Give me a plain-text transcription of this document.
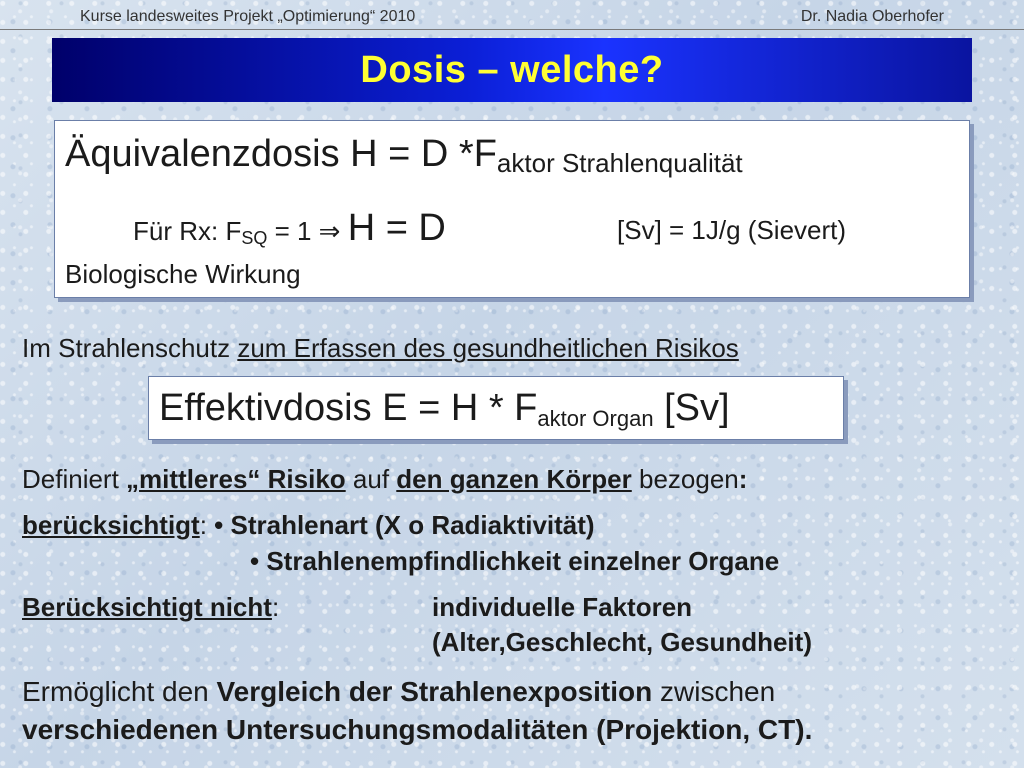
Kurse landesweites Projekt „Optimierung“ 2010	Dr. Nadia Oberhofer
Dosis – welche?
Äquivalenzdosis H = D $*F_{aktor Strahlenqualität}$
Für Rx: $F_{SQ} = 1$ ⇒ H = D	[Sv] = 1J/g (Sievert)
Biologische Wirkung
Im Strahlenschutz zum Erfassen des gesundheitlichen Risikos
Effektivdosis $E = H * F_{aktor Organ}$ [Sv]
Definiert „mittleres“ Risiko auf den ganzen Körper bezogen:
berücksichtigt: • Strahlenart (X o Radiaktivität)
• Strahlenempfindlichkeit einzelner Organe
Berücksichtigt nicht:	individuelle Faktoren
(Alter,Geschlecht, Gesundheit)
Ermöglicht den Vergleich der Strahlenexposition zwischen
verschiedenen Untersuchungsmodalitäten (Projektion, CT).
